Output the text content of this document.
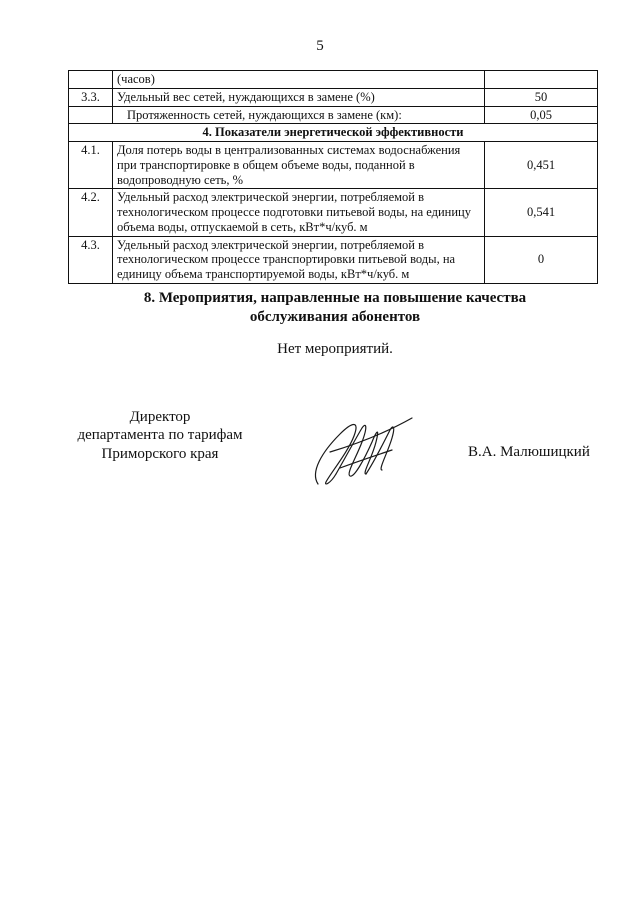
5
	(часов)	
3.3.	Удельный вес сетей, нуждающихся в замене (%)	50
	Протяженность сетей, нуждающихся в замене (км):	0,05
4. Показатели энергетической эффективности		
4.1.	Доля потерь воды в централизованных системах водоснабжения при транспортировке в общем объеме воды, поданной в водопроводную сеть, %	0,451
4.2.	Удельный расход электрической энергии, потребляемой в технологическом процессе подготовки питьевой воды, на единицу объема воды, отпускаемой в сеть, кВт*ч/куб. м	0,541
4.3.	Удельный расход электрической энергии, потребляемой в технологическом процессе транспортировки питьевой воды, на единицу объема транспортируемой воды, кВт*ч/куб. м	0
8. Мероприятия, направленные на повышение качества
обслуживания абонентов
Нет мероприятий.
Директор
департамента по тарифам
Приморского края	В.А. Малюшицкий
